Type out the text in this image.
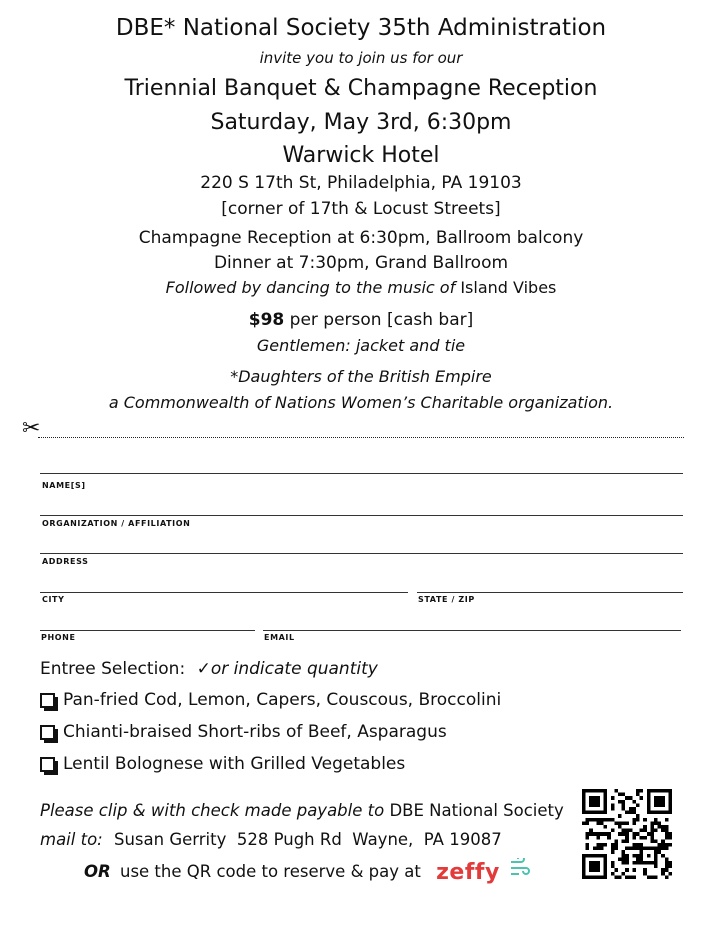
DBE* National Society 35th Administration
invite you to join us for our
Triennial Banquet & Champagne Reception
Saturday, May 3rd, 6:30pm
Warwick Hotel
220 S 17th St, Philadelphia, PA 19103
[corner of 17th & Locust Streets]
Champagne Reception at 6:30pm, Ballroom balcony
Dinner at 7:30pm, Grand Ballroom
Followed by dancing to the music of Island Vibes
$98 per person [cash bar]
Gentlemen: jacket and tie
*Daughters of the British Empire
a Commonwealth of Nations Women’s Charitable organization.
✂
NAME[S]
ORGANIZATION / AFFILIATION
ADDRESS
CITY	STATE / ZIP
PHONE	EMAIL
Entree Selection: ✓or indicate quantity
Pan-fried Cod, Lemon, Capers, Couscous, Broccolini
Chianti-braised Short-ribs of Beef, Asparagus
Lentil Bolognese with Grilled Vegetables
Please clip & with check made payable to DBE National Society
mail to: Susan Gerrity  528 Pugh Rd  Wayne,  PA 19087
OR use the QR code to reserve & pay at zeffy
